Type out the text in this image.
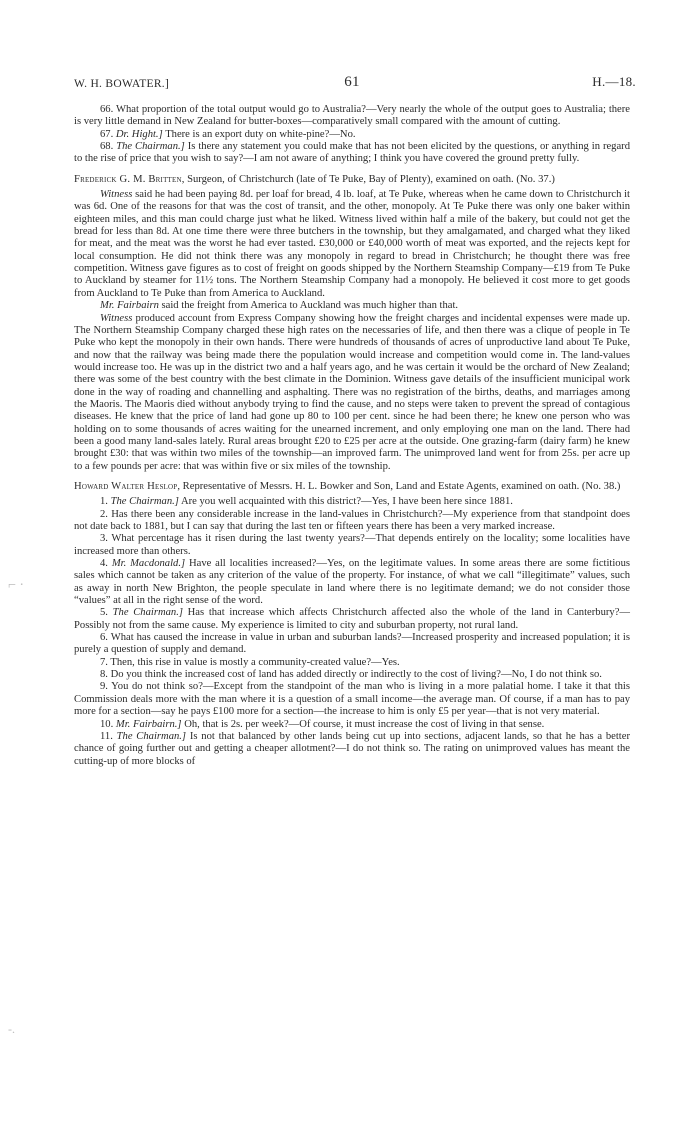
⌐ ·
-.
W. H. BOWATER.]	61	H.—18.

66. What proportion of the total output would go to Australia?—Very nearly the whole of the output goes to Australia; there is very little demand in New Zealand for butter-boxes—comparatively small compared with the amount of cutting.

67. Dr. Hight.] There is an export duty on white-pine?—No.

68. The Chairman.] Is there any statement you could make that has not been elicited by the questions, or anything in regard to the rise of price that you wish to say?—I am not aware of anything; I think you have covered the ground pretty fully.

Frederick G. M. Britten, Surgeon, of Christchurch (late of Te Puke, Bay of Plenty), examined on oath. (No. 37.)

Witness said he had been paying 8d. per loaf for bread, 4 lb. loaf, at Te Puke, whereas when he came down to Christchurch it was 6d. One of the reasons for that was the cost of transit, and the other, monopoly. At Te Puke there was only one baker within eighteen miles, and this man could charge just what he liked. Witness lived within half a mile of the bakery, but could not get the bread for less than 8d. At one time there were three butchers in the township, but they amalgamated, and charged what they liked for meat, and the meat was the worst he had ever tasted. £30,000 or £40,000 worth of meat was exported, and the rejects kept for local consumption. He did not think there was any monopoly in regard to bread in Christchurch; he thought there was free competition. Witness gave figures as to cost of freight on goods shipped by the Northern Steamship Company—£19 from Te Puke to Auckland by steamer for 11½ tons. The Northern Steamship Company had a monopoly. He believed it cost more to get goods from Auckland to Te Puke than from America to Auckland.

Mr. Fairbairn said the freight from America to Auckland was much higher than that.

Witness produced account from Express Company showing how the freight charges and incidental expenses were made up. The Northern Steamship Company charged these high rates on the necessaries of life, and then there was a clique of people in Te Puke who kept the monopoly in their own hands. There were hundreds of thousands of acres of unproductive land about Te Puke, and now that the railway was being made there the population would increase and competition would come in. The land-values would increase too. He was up in the district two and a half years ago, and he was certain it would be the orchard of New Zealand; there was some of the best country with the best climate in the Dominion. Witness gave details of the insufficient municipal work done in the way of roading and channelling and asphalting. There was no registration of the births, deaths, and marriages among the Maoris. The Maoris died without anybody trying to find the cause, and no steps were taken to prevent the spread of contagious diseases. He knew that the price of land had gone up 80 to 100 per cent. since he had been there; he knew one person who was holding on to some thousands of acres waiting for the unearned increment, and only employing one man on the land. There had been a good many land-sales lately. Rural areas brought £20 to £25 per acre at the outside. One grazing-farm (dairy farm) he knew brought £30: that was within two miles of the township—an improved farm. The unimproved land went for from 25s. per acre up to a few pounds per acre: that was within five or six miles of the township.

Howard Walter Heslop, Representative of Messrs. H. L. Bowker and Son, Land and Estate Agents, examined on oath. (No. 38.)

1. The Chairman.] Are you well acquainted with this district?—Yes, I have been here since 1881.

2. Has there been any considerable increase in the land-values in Christchurch?—My experience from that standpoint does not date back to 1881, but I can say that during the last ten or fifteen years there has been a very marked increase.

3. What percentage has it risen during the last twenty years?—That depends entirely on the locality; some localities have increased more than others.

4. Mr. Macdonald.] Have all localities increased?—Yes, on the legitimate values. In some areas there are some fictitious sales which cannot be taken as any criterion of the value of the property. For instance, of what we call “illegitimate” values, such as away in north New Brighton, the people speculate in land where there is no legitimate demand; we do not consider those “values” at all in the right sense of the word.

5. The Chairman.] Has that increase which affects Christchurch affected also the whole of the land in Canterbury?—Possibly not from the same cause. My experience is limited to city and suburban property, not rural land.

6. What has caused the increase in value in urban and suburban lands?—Increased prosperity and increased population; it is purely a question of supply and demand.

7. Then, this rise in value is mostly a community-created value?—Yes.

8. Do you think the increased cost of land has added directly or indirectly to the cost of living?—No, I do not think so.

9. You do not think so?—Except from the standpoint of the man who is living in a more palatial home. I take it that this Commission deals more with the man where it is a question of a small income—the average man. Of course, if a man has to pay more for a section—say he pays £100 more for a section—the increase to him is only £5 per year—that is not very material.

10. Mr. Fairbairn.] Oh, that is 2s. per week?—Of course, it must increase the cost of living in that sense.

11. The Chairman.] Is not that balanced by other lands being cut up into sections, adjacent lands, so that he has a better chance of going further out and getting a cheaper allotment?—I do not think so. The rating on unimproved values has meant the cutting-up of more blocks of
